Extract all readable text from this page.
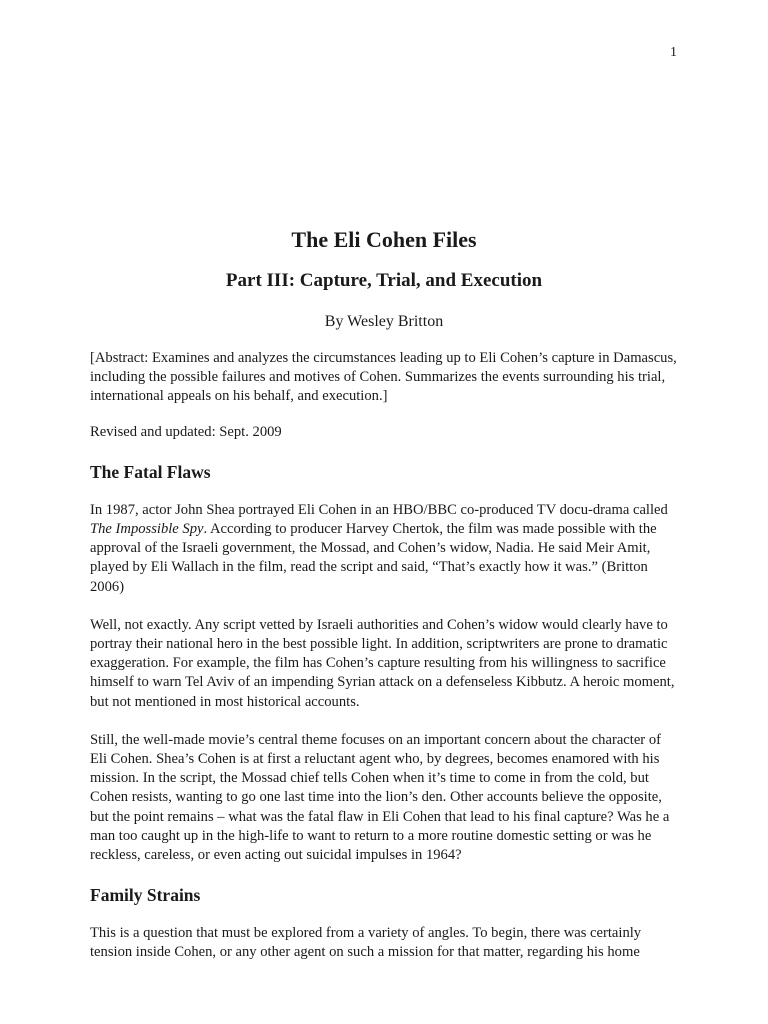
1
The Eli Cohen Files
Part III: Capture, Trial, and Execution
By Wesley Britton

[Abstract: Examines and analyzes the circumstances leading up to Eli Cohen’s capture in Damascus, including the possible failures and motives of Cohen. Summarizes the events surrounding his trial, international appeals on his behalf, and execution.]

Revised and updated: Sept. 2009

The Fatal Flaws

In 1987, actor John Shea portrayed Eli Cohen in an HBO/BBC co-produced TV docu-drama called The Impossible Spy. According to producer Harvey Chertok, the film was made possible with the approval of the Israeli government, the Mossad, and Cohen’s widow, Nadia. He said Meir Amit, played by Eli Wallach in the film, read the script and said, “That’s exactly how it was.” (Britton 2006)

Well, not exactly. Any script vetted by Israeli authorities and Cohen’s widow would clearly have to portray their national hero in the best possible light. In addition, scriptwriters are prone to dramatic exaggeration. For example, the film has Cohen’s capture resulting from his willingness to sacrifice himself to warn Tel Aviv of an impending Syrian attack on a defenseless Kibbutz. A heroic moment, but not mentioned in most historical accounts.

Still, the well-made movie’s central theme focuses on an important concern about the character of Eli Cohen. Shea’s Cohen is at first a reluctant agent who, by degrees, becomes enamored with his mission. In the script, the Mossad chief tells Cohen when it’s time to come in from the cold, but Cohen resists, wanting to go one last time into the lion’s den. Other accounts believe the opposite, but the point remains – what was the fatal flaw in Eli Cohen that lead to his final capture? Was he a man too caught up in the high-life to want to return to a more routine domestic setting or was he reckless, careless, or even acting out suicidal impulses in 1964?

Family Strains

This is a question that must be explored from a variety of angles. To begin, there was certainly tension inside Cohen, or any other agent on such a mission for that matter, regarding his home
